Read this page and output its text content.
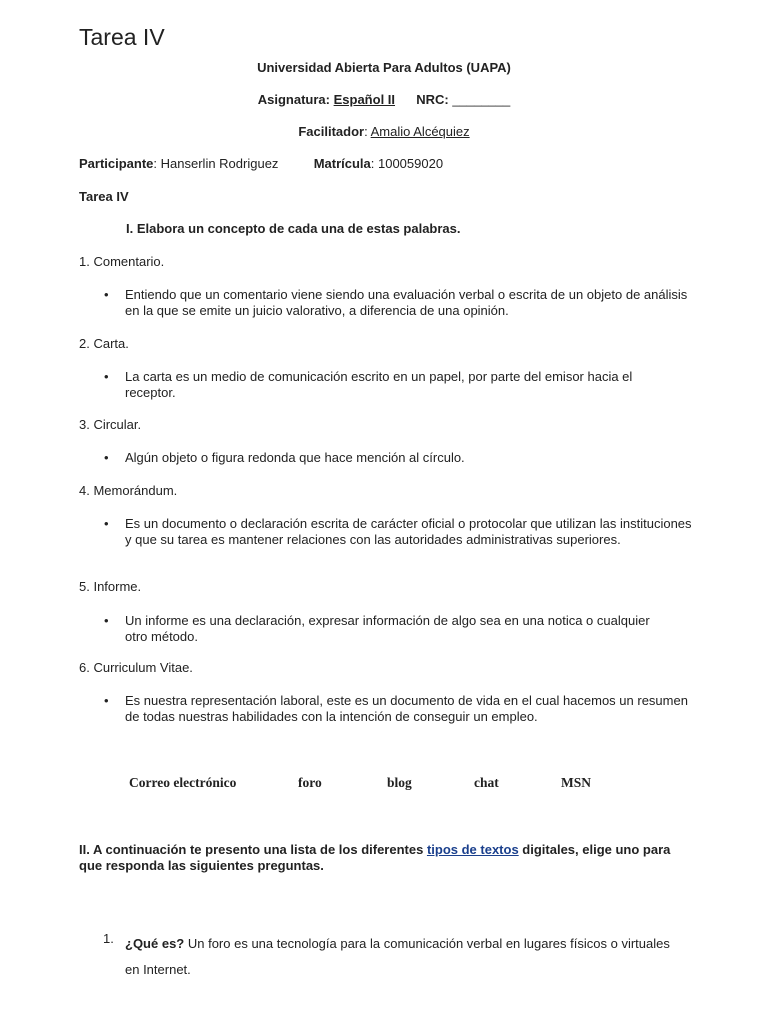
Tarea IV
Universidad Abierta Para Adultos (UAPA)
Asignatura: Español II NRC: ________
Facilitador: Amalio Alcéquiez
Participante: Hanserlin Rodriguez	Matrícula: 100059020
Tarea IV
I. Elabora un concepto de cada una de estas palabras.
1. Comentario.
• Entiendo que un comentario viene siendo una evaluación verbal o escrita de un objeto de análisis en la que se emite un juicio valorativo, a diferencia de una opinión.
2. Carta.
• La carta es un medio de comunicación escrito en un papel, por parte del emisor hacia el receptor.
3. Circular.
• Algún objeto o figura redonda que hace mención al círculo.
4. Memorándum.
• Es un documento o declaración escrita de carácter oficial o protocolar que utilizan las instituciones y que su tarea es mantener relaciones con las autoridades administrativas superiores.
5. Informe.
• Un informe es una declaración, expresar información de algo sea en una notica o cualquier otro método.
6. Curriculum Vitae.
• Es nuestra representación laboral, este es un documento de vida en el cual hacemos un resumen de todas nuestras habilidades con la intención de conseguir un empleo.
Correo electrónico	foro	blog	chat	MSN
II. A continuación te presento una lista de los diferentes tipos de textos digitales, elige uno para que responda las siguientes preguntas.
1. ¿Qué es? Un foro es una tecnología para la comunicación verbal en lugares físicos o virtuales en Internet.
